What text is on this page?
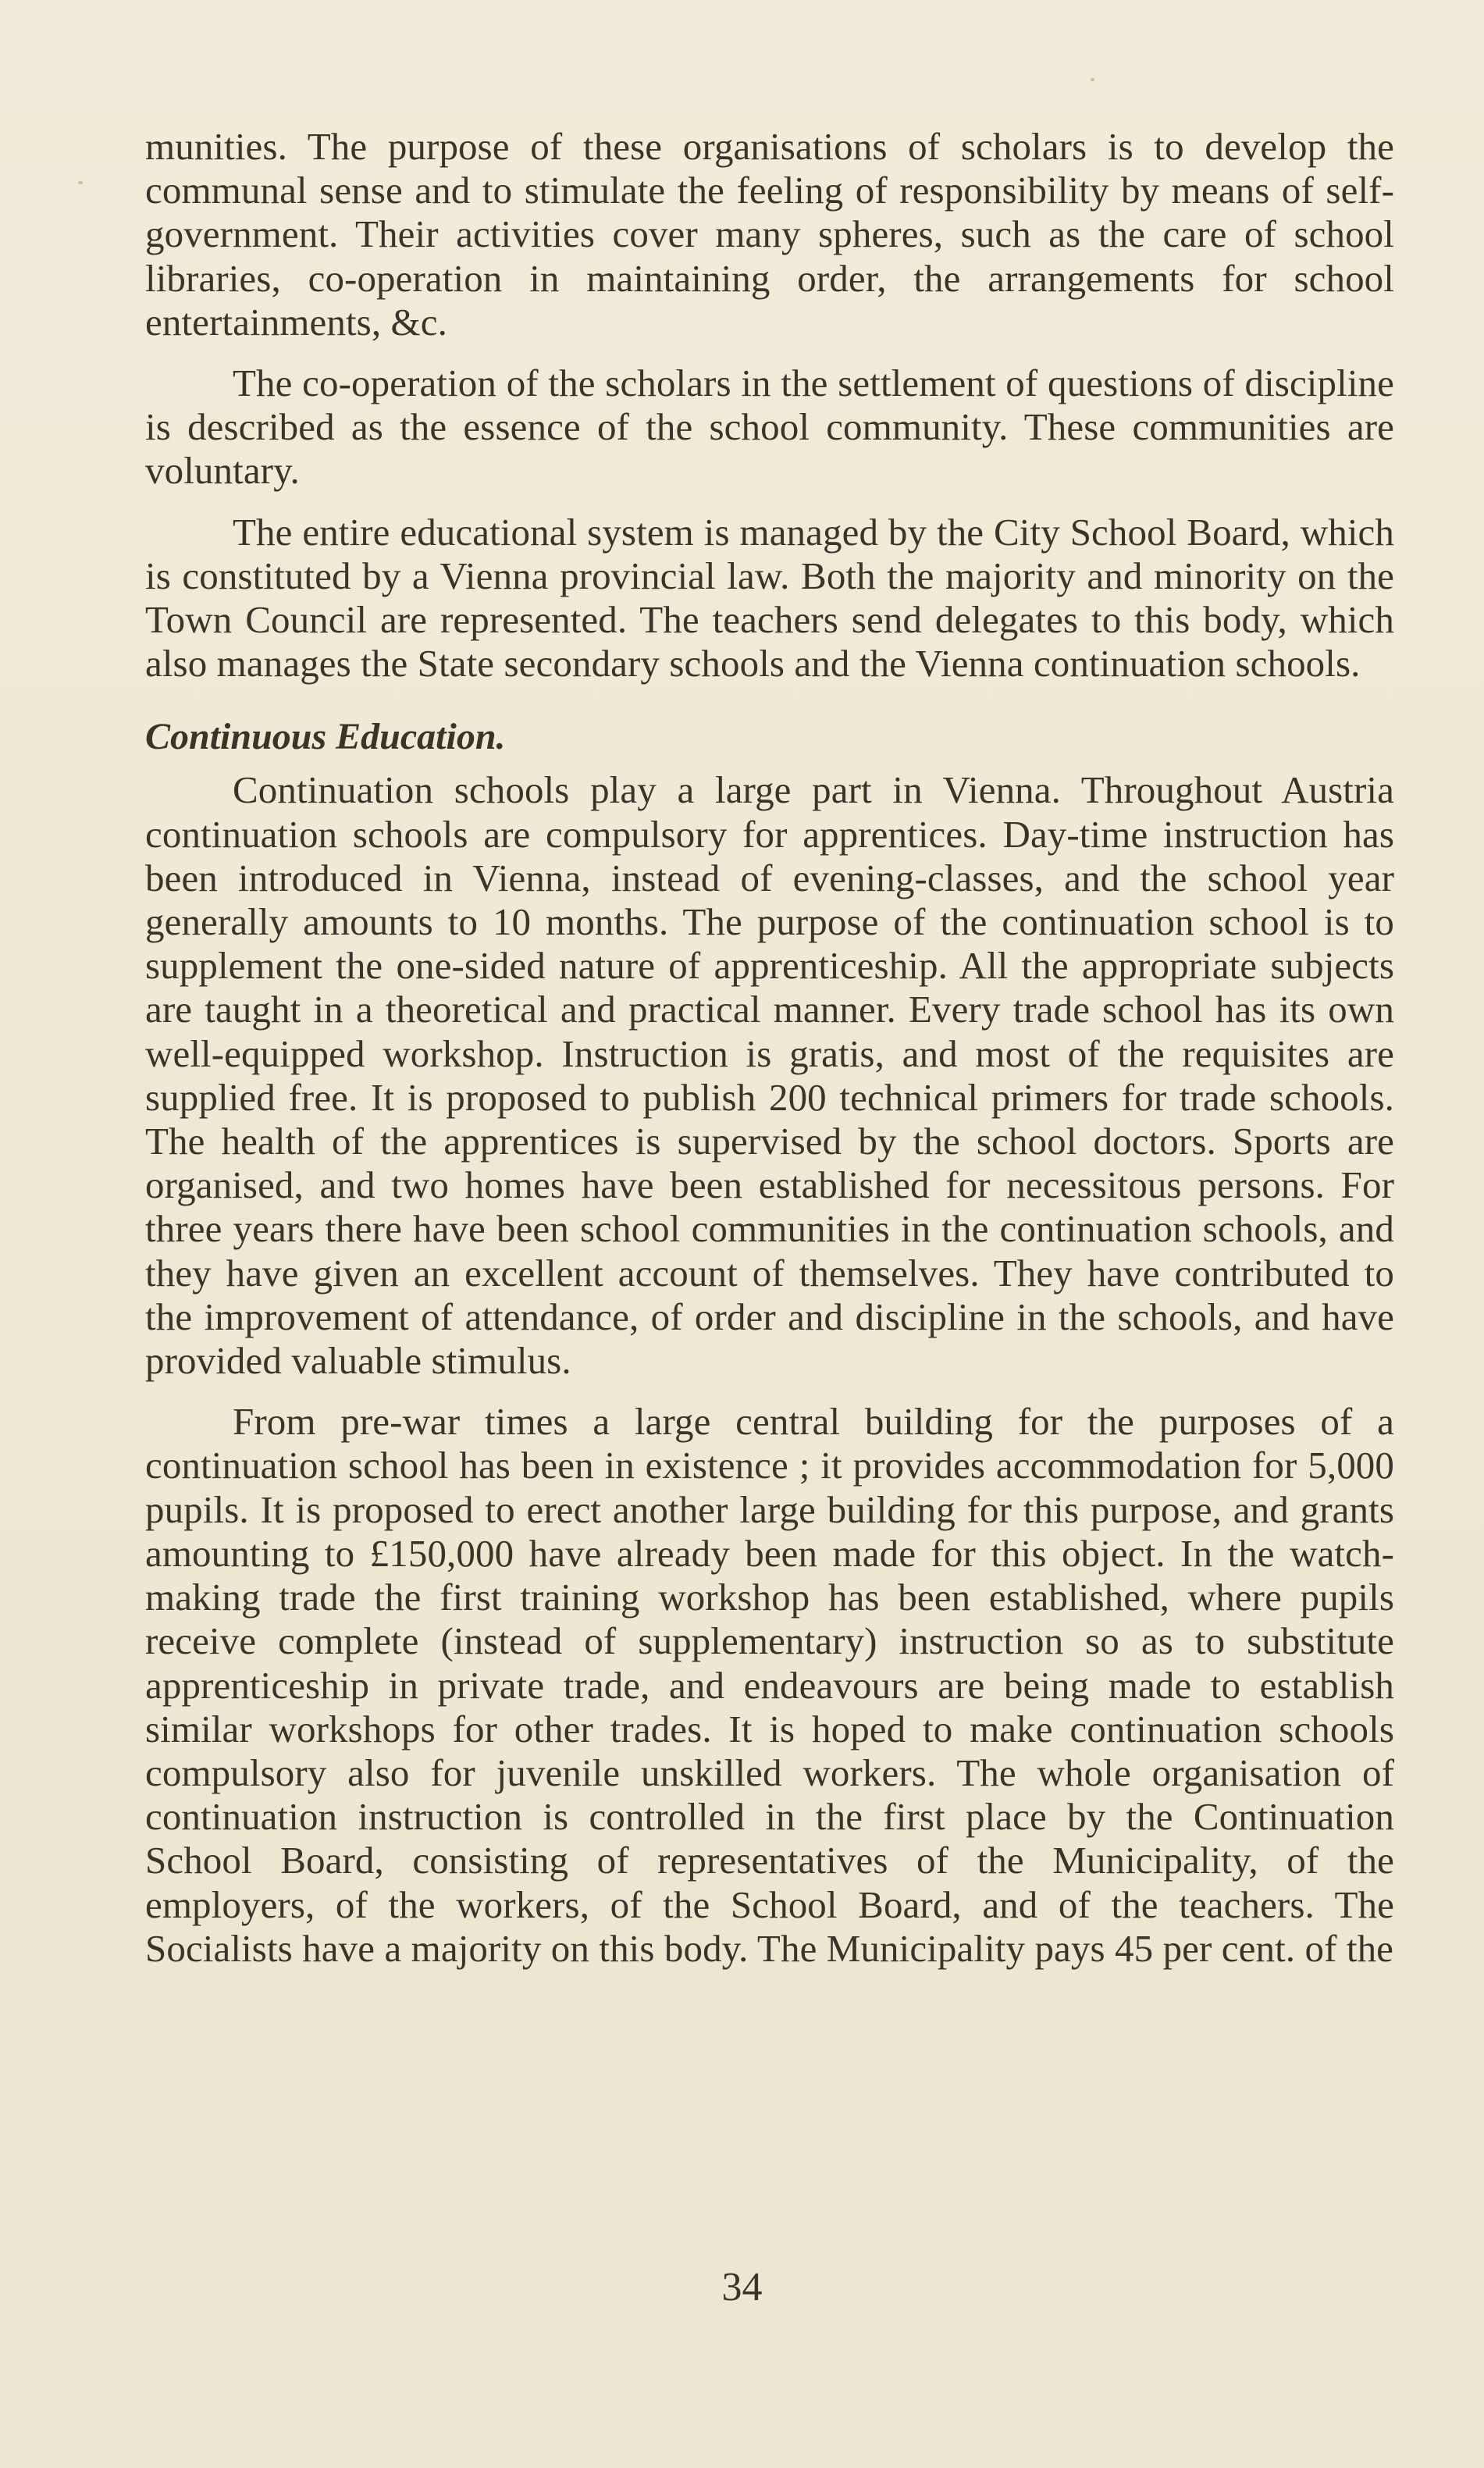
munities. The purpose of these organisations of scholars is to develop the communal sense and to stimulate the feeling of responsibility by means of self-government. Their activities cover many spheres, such as the care of school libraries, co-operation in maintaining order, the arrangements for school entertainments, &c.

The co-operation of the scholars in the settlement of questions of discipline is described as the essence of the school community. These communities are voluntary.

The entire educational system is managed by the City School Board, which is constituted by a Vienna provincial law. Both the majority and minority on the Town Council are represented. The teachers send delegates to this body, which also manages the State secondary schools and the Vienna continuation schools.

Continuous Education.

Continuation schools play a large part in Vienna. Throughout Austria continuation schools are compulsory for apprentices. Day-time instruction has been introduced in Vienna, instead of evening-classes, and the school year generally amounts to 10 months. The purpose of the continuation school is to supplement the one-sided nature of apprenticeship. All the appropriate subjects are taught in a theoretical and practical manner. Every trade school has its own well-equipped workshop. Instruction is gratis, and most of the requisites are supplied free. It is proposed to publish 200 technical primers for trade schools. The health of the apprentices is supervised by the school doctors. Sports are organised, and two homes have been established for necessitous persons. For three years there have been school communities in the continuation schools, and they have given an excellent account of themselves. They have contributed to the improvement of attendance, of order and discipline in the schools, and have provided valuable stimulus.

From pre-war times a large central building for the purposes of a continuation school has been in existence ; it provides accommodation for 5,000 pupils. It is proposed to erect another large building for this purpose, and grants amounting to £150,000 have already been made for this object. In the watch-making trade the first training workshop has been established, where pupils receive complete (instead of supplementary) instruction so as to substitute apprenticeship in private trade, and endeavours are being made to establish similar workshops for other trades. It is hoped to make continuation schools compulsory also for juvenile unskilled workers. The whole organisation of continuation instruction is controlled in the first place by the Continuation School Board, consisting of representatives of the Municipality, of the employers, of the workers, of the School Board, and of the teachers. The Socialists have a majority on this body. The Municipality pays 45 per cent. of the

34
